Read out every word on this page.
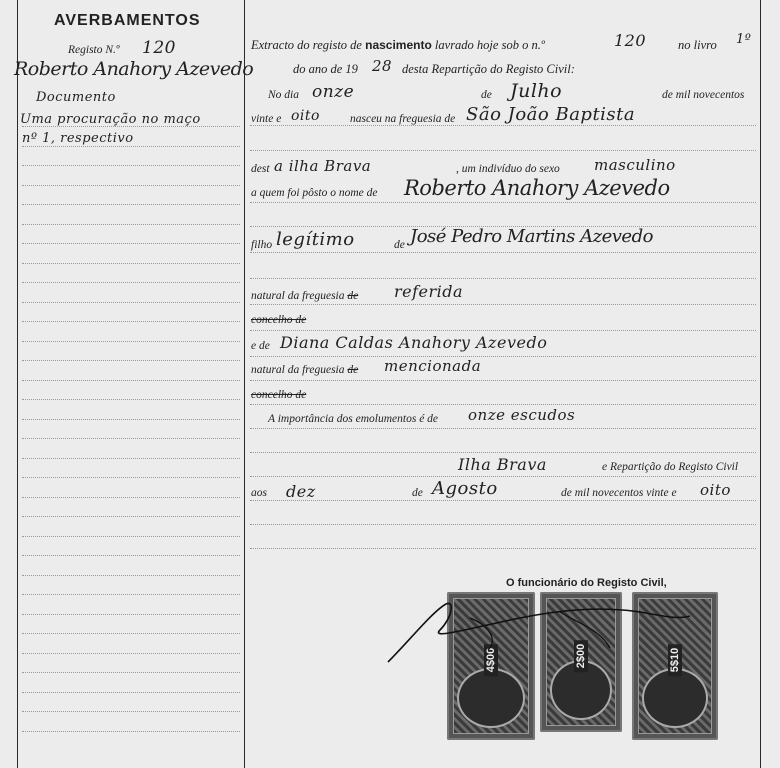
AVERBAMENTOS
Registo N.º 120
Roberto Anahory Azevedo
Documento
Uma procuração no maço
nº 1, respectivo
Extracto do registo de nascimento lavrado hoje sob o n.º	120	no livro 1º
do ano de 19 28 desta Repartição do Registo Civil:
No dia onze	de Julho	de mil novecentos
vinte e oito	nasceu na freguesia de São João Baptista
dest a ilha Brava	, um indivíduo do sexo masculino
a quem foi pôsto o nome de Roberto Anahory Azevedo
filho legítimo	de José Pedro Martins Azevedo
natural da freguesia de referida
concelho de
e de Diana Caldas Anahory Azevedo
natural da freguesia de mencionada
concelho de
A importância dos emolumentos é de onze escudos
Ilha Brava	e Repartição do Registo Civil
aos dez	de Agosto	de mil novecentos vinte e oito
O funcionário do Registo Civil,
4$00	2$00	5$10
